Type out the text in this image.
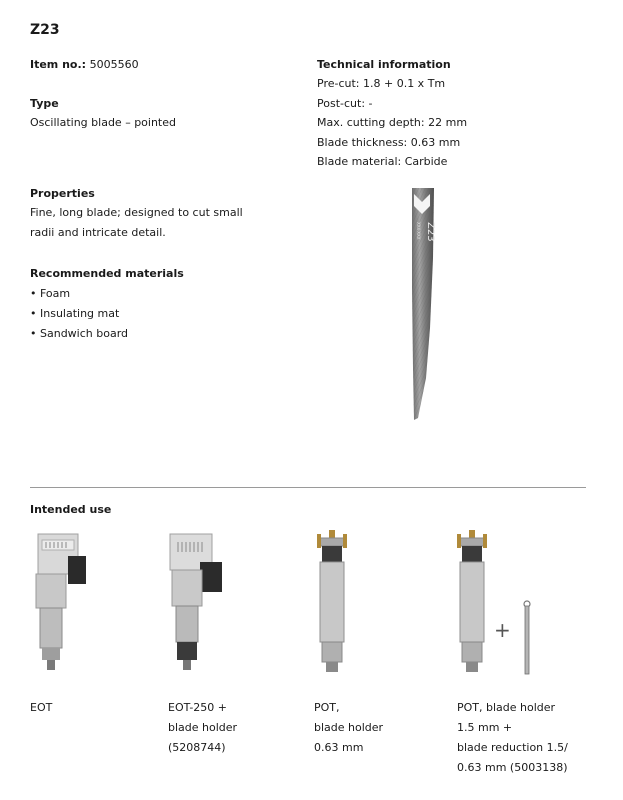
Z23
Item no.: 5005560
Type
Oscillating blade – pointed
Technical information
Pre-cut: 1.8 + 0.1 x Tm
Post-cut: -
Max. cutting depth: 22 mm
Blade thickness: 0.63 mm
Blade material: Carbide
Properties
Fine, long blade; designed to cut small
radii and intricate detail.
Recommended materials
• Foam
• Insulating mat
• Sandwich board
Z23
XXX-XXX
Intended use
EOT	EOT-250 +
blade holder
(5208744)
POT,
blade holder
0.63 mm
+
POT, blade holder
1.5 mm +
blade reduction 1.5/
0.63 mm (5003138)
